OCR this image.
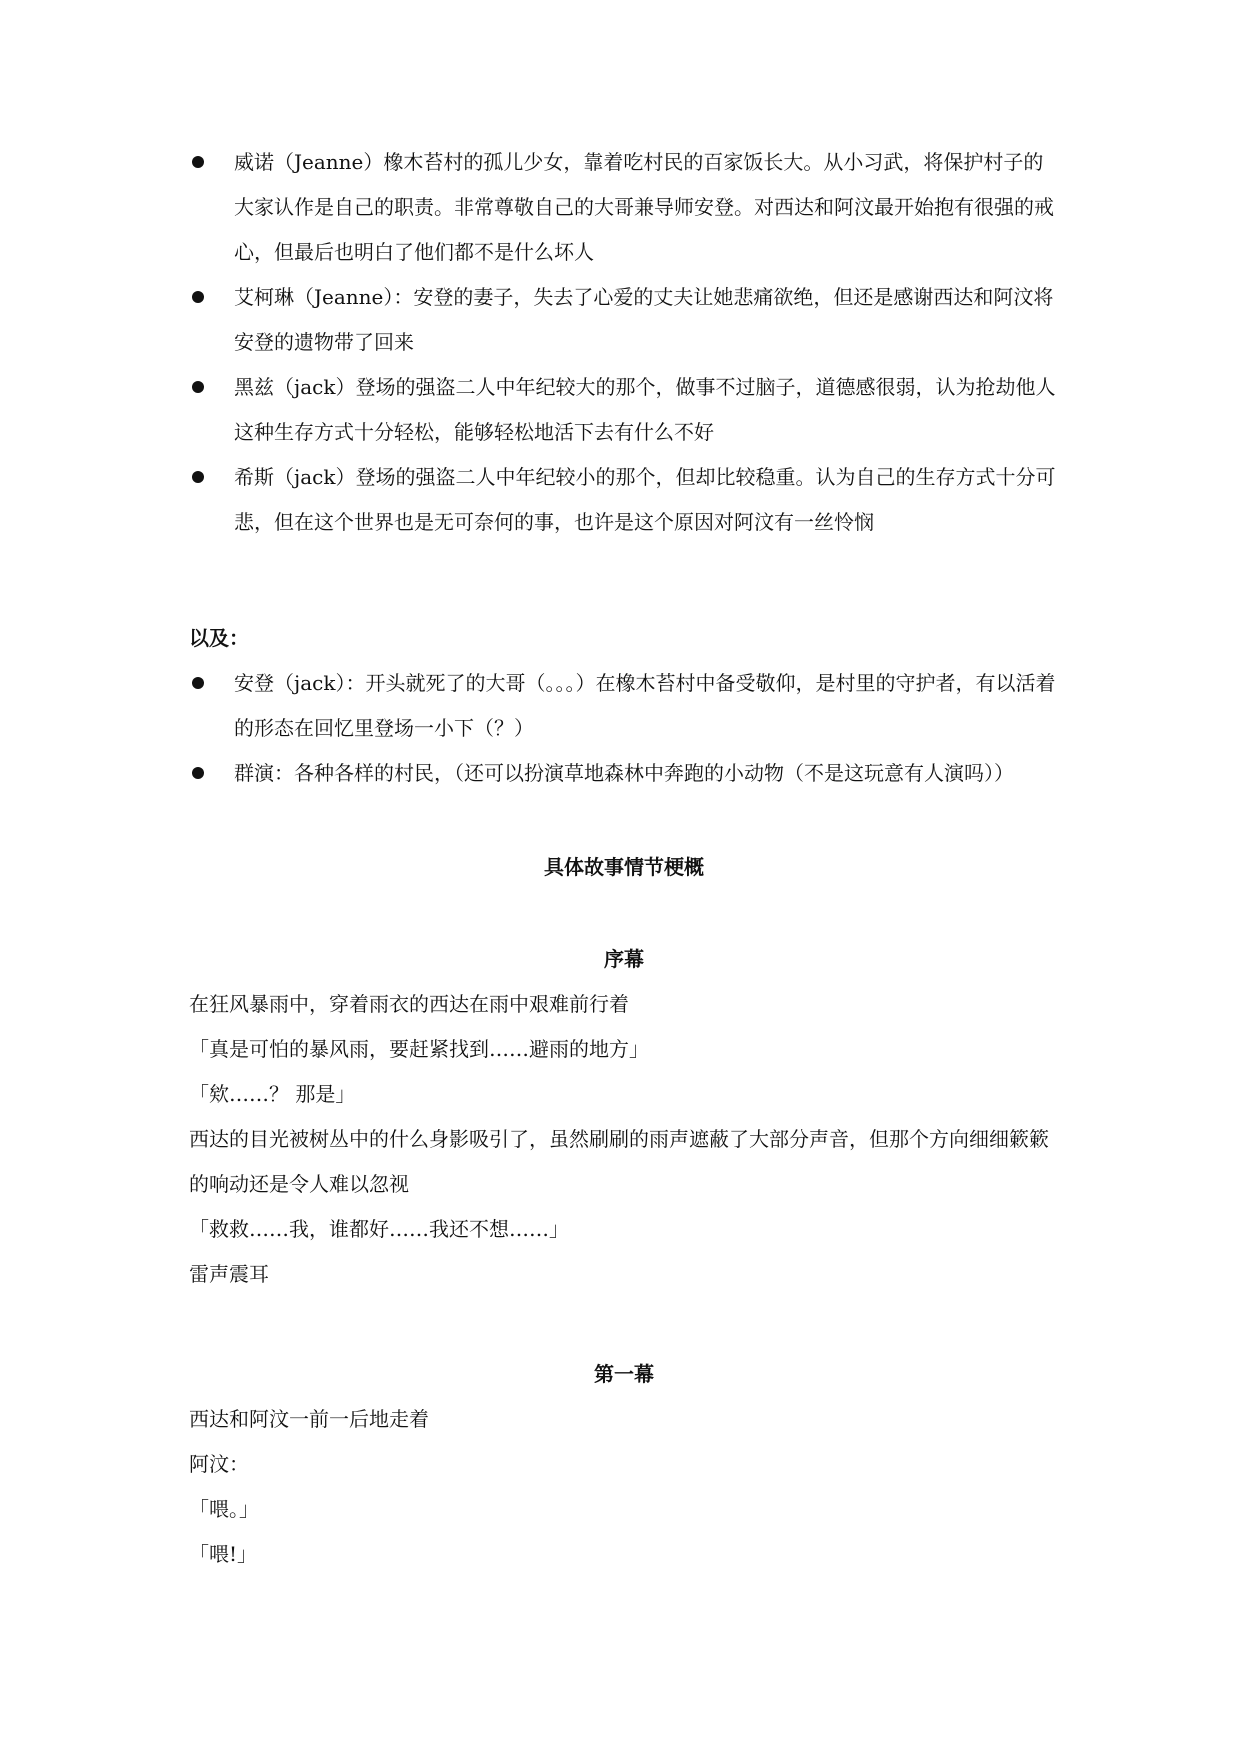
威诺（Jeanne）橡木苔村的孤儿少女，靠着吃村民的百家饭长大。从小习武，将保护村子的大家认作是自己的职责。非常尊敬自己的大哥兼导师安登。对西达和阿汶最开始抱有很强的戒心，但最后也明白了他们都不是什么坏人
艾柯琳（Jeanne）：安登的妻子，失去了心爱的丈夫让她悲痛欲绝，但还是感谢西达和阿汶将安登的遗物带了回来
黑兹（jack）登场的强盗二人中年纪较大的那个，做事不过脑子，道德感很弱，认为抢劫他人这种生存方式十分轻松，能够轻松地活下去有什么不好
希斯（jack）登场的强盗二人中年纪较小的那个，但却比较稳重。认为自己的生存方式十分可悲，但在这个世界也是无可奈何的事，也许是这个原因对阿汶有一丝怜悯
以及：
安登（jack）：开头就死了的大哥（。。。）在橡木苔村中备受敬仰，是村里的守护者，有以活着的形态在回忆里登场一小下（？）
群演：各种各样的村民，（还可以扮演草地森林中奔跑的小动物（不是这玩意有人演吗））
具体故事情节梗概
序幕
在狂风暴雨中，穿着雨衣的西达在雨中艰难前行着
「真是可怕的暴风雨，要赶紧找到……避雨的地方」
「欸……？ 那是」
西达的目光被树丛中的什么身影吸引了，虽然刷刷的雨声遮蔽了大部分声音，但那个方向细细簌簌的响动还是令人难以忽视
「救救……我，谁都好……我还不想……」
雷声震耳
第一幕
西达和阿汶一前一后地走着
阿汶：
「喂。」
「喂!」
